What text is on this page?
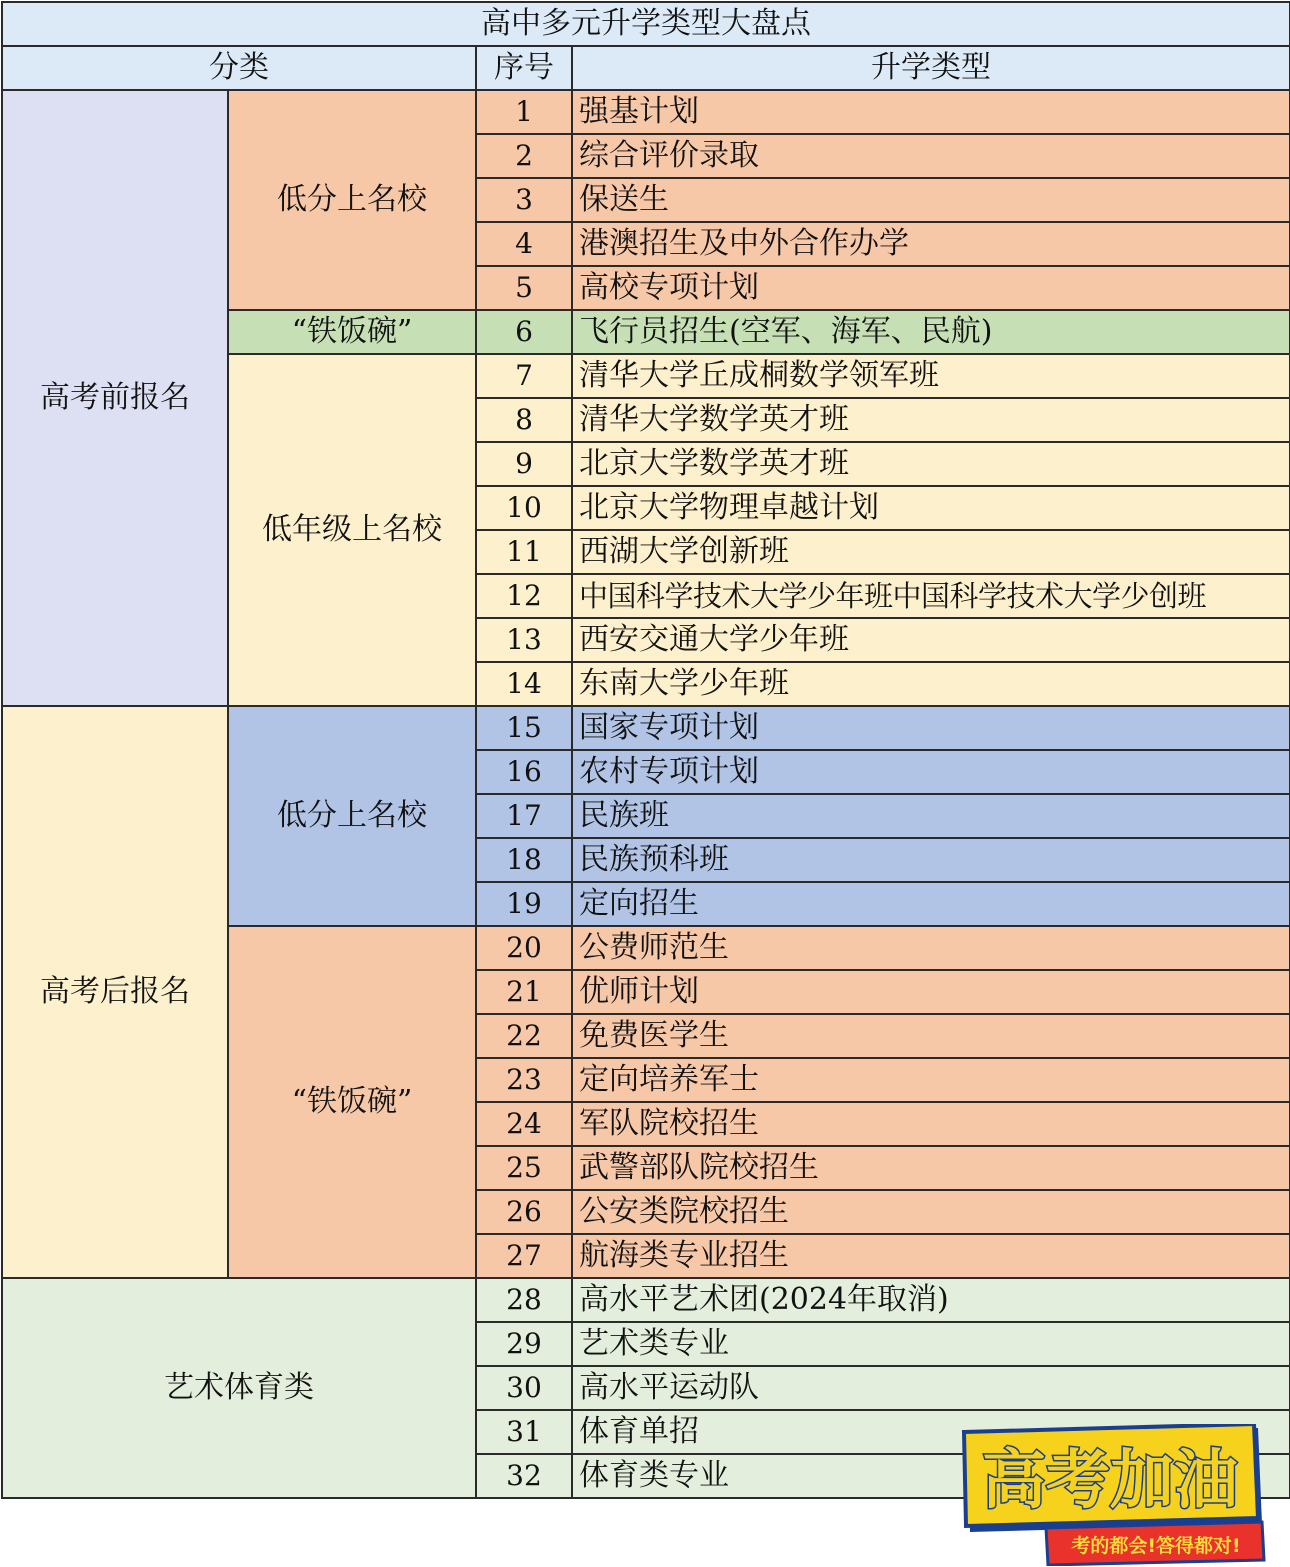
高中多元升学类型大盘点			
分类		序号	升学类型
高考前报名	低分上名校	1	强基计划
		2	综合评价录取
		3	保送生
		4	港澳招生及中外合作办学
		5	高校专项计划
	“铁饭碗”	6	飞行员招生(空军、海军、民航)
	低年级上名校	7	清华大学丘成桐数学领军班
		8	清华大学数学英才班
		9	北京大学数学英才班
		10	北京大学物理卓越计划
		11	西湖大学创新班
		12	中国科学技术大学少年班中国科学技术大学少创班
		13	西安交通大学少年班
		14	东南大学少年班
高考后报名	低分上名校	15	国家专项计划
		16	农村专项计划
		17	民族班
		18	民族预科班
		19	定向招生
	“铁饭碗”	20	公费师范生
		21	优师计划
		22	免费医学生
		23	定向培养军士
		24	军队院校招生
		25	武警部队院校招生
		26	公安类院校招生
		27	航海类专业招生
艺术体育类		28	高水平艺术团(2024年取消)
		29	艺术类专业
		30	高水平运动队
		31	体育单招
		32	体育类专业	高考加油
考的都会!答得都对!
